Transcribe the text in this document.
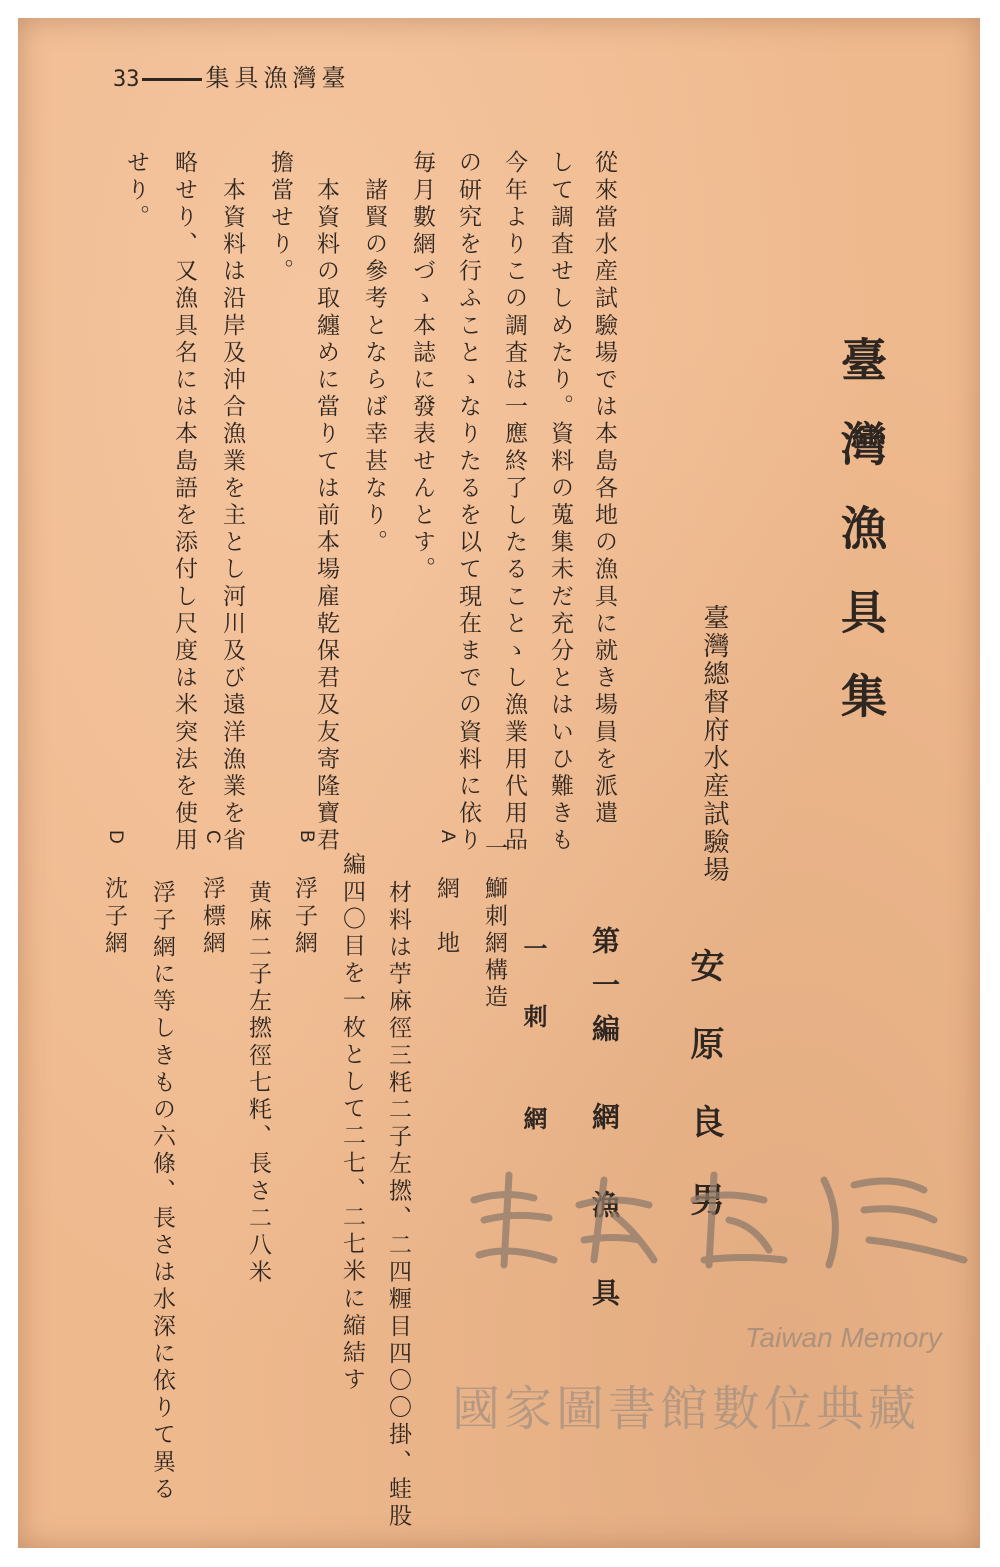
33	集具漁灣臺
臺灣漁具集
臺灣總督府水産試驗場
安原良男
第一編　網　漁　具
一　刺　　網
從來當水産試驗場では本島各地の漁具に就き場員を派遣
して調査せしめたり。資料の蒐集未だ充分とはいひ難きも
今年よりこの調査は一應終了したることゝし漁業用代用品
の研究を行ふことゝなりたるを以て現在までの資料に依り
毎月數網づゝ本誌に發表せんとす。
　諸賢の參考とならば幸甚なり。
　本資料の取纏めに當りては前本場雇乾保君及友寄隆寶君
擔當せり。
　本資料は沿岸及沖合漁業を主とし河川及び遠洋漁業を省
略せり、又漁具名には本島語を添付し尺度は米突法を使用
せり。
一
鰤刺網構造
A
網　地
材料は苧麻徑三粍二子左撚、二四糎目四〇〇掛、蛙股
編四〇目を一枚として二七、二七米に縮結す
B
浮子網
C
浮標網 黄麻二子左撚徑七粍、長さ二八米
D
沈子網 浮子網に等しきもの六條、長さは水深に依りて異る	Taiwan Memory
國家圖書館數位典藏
